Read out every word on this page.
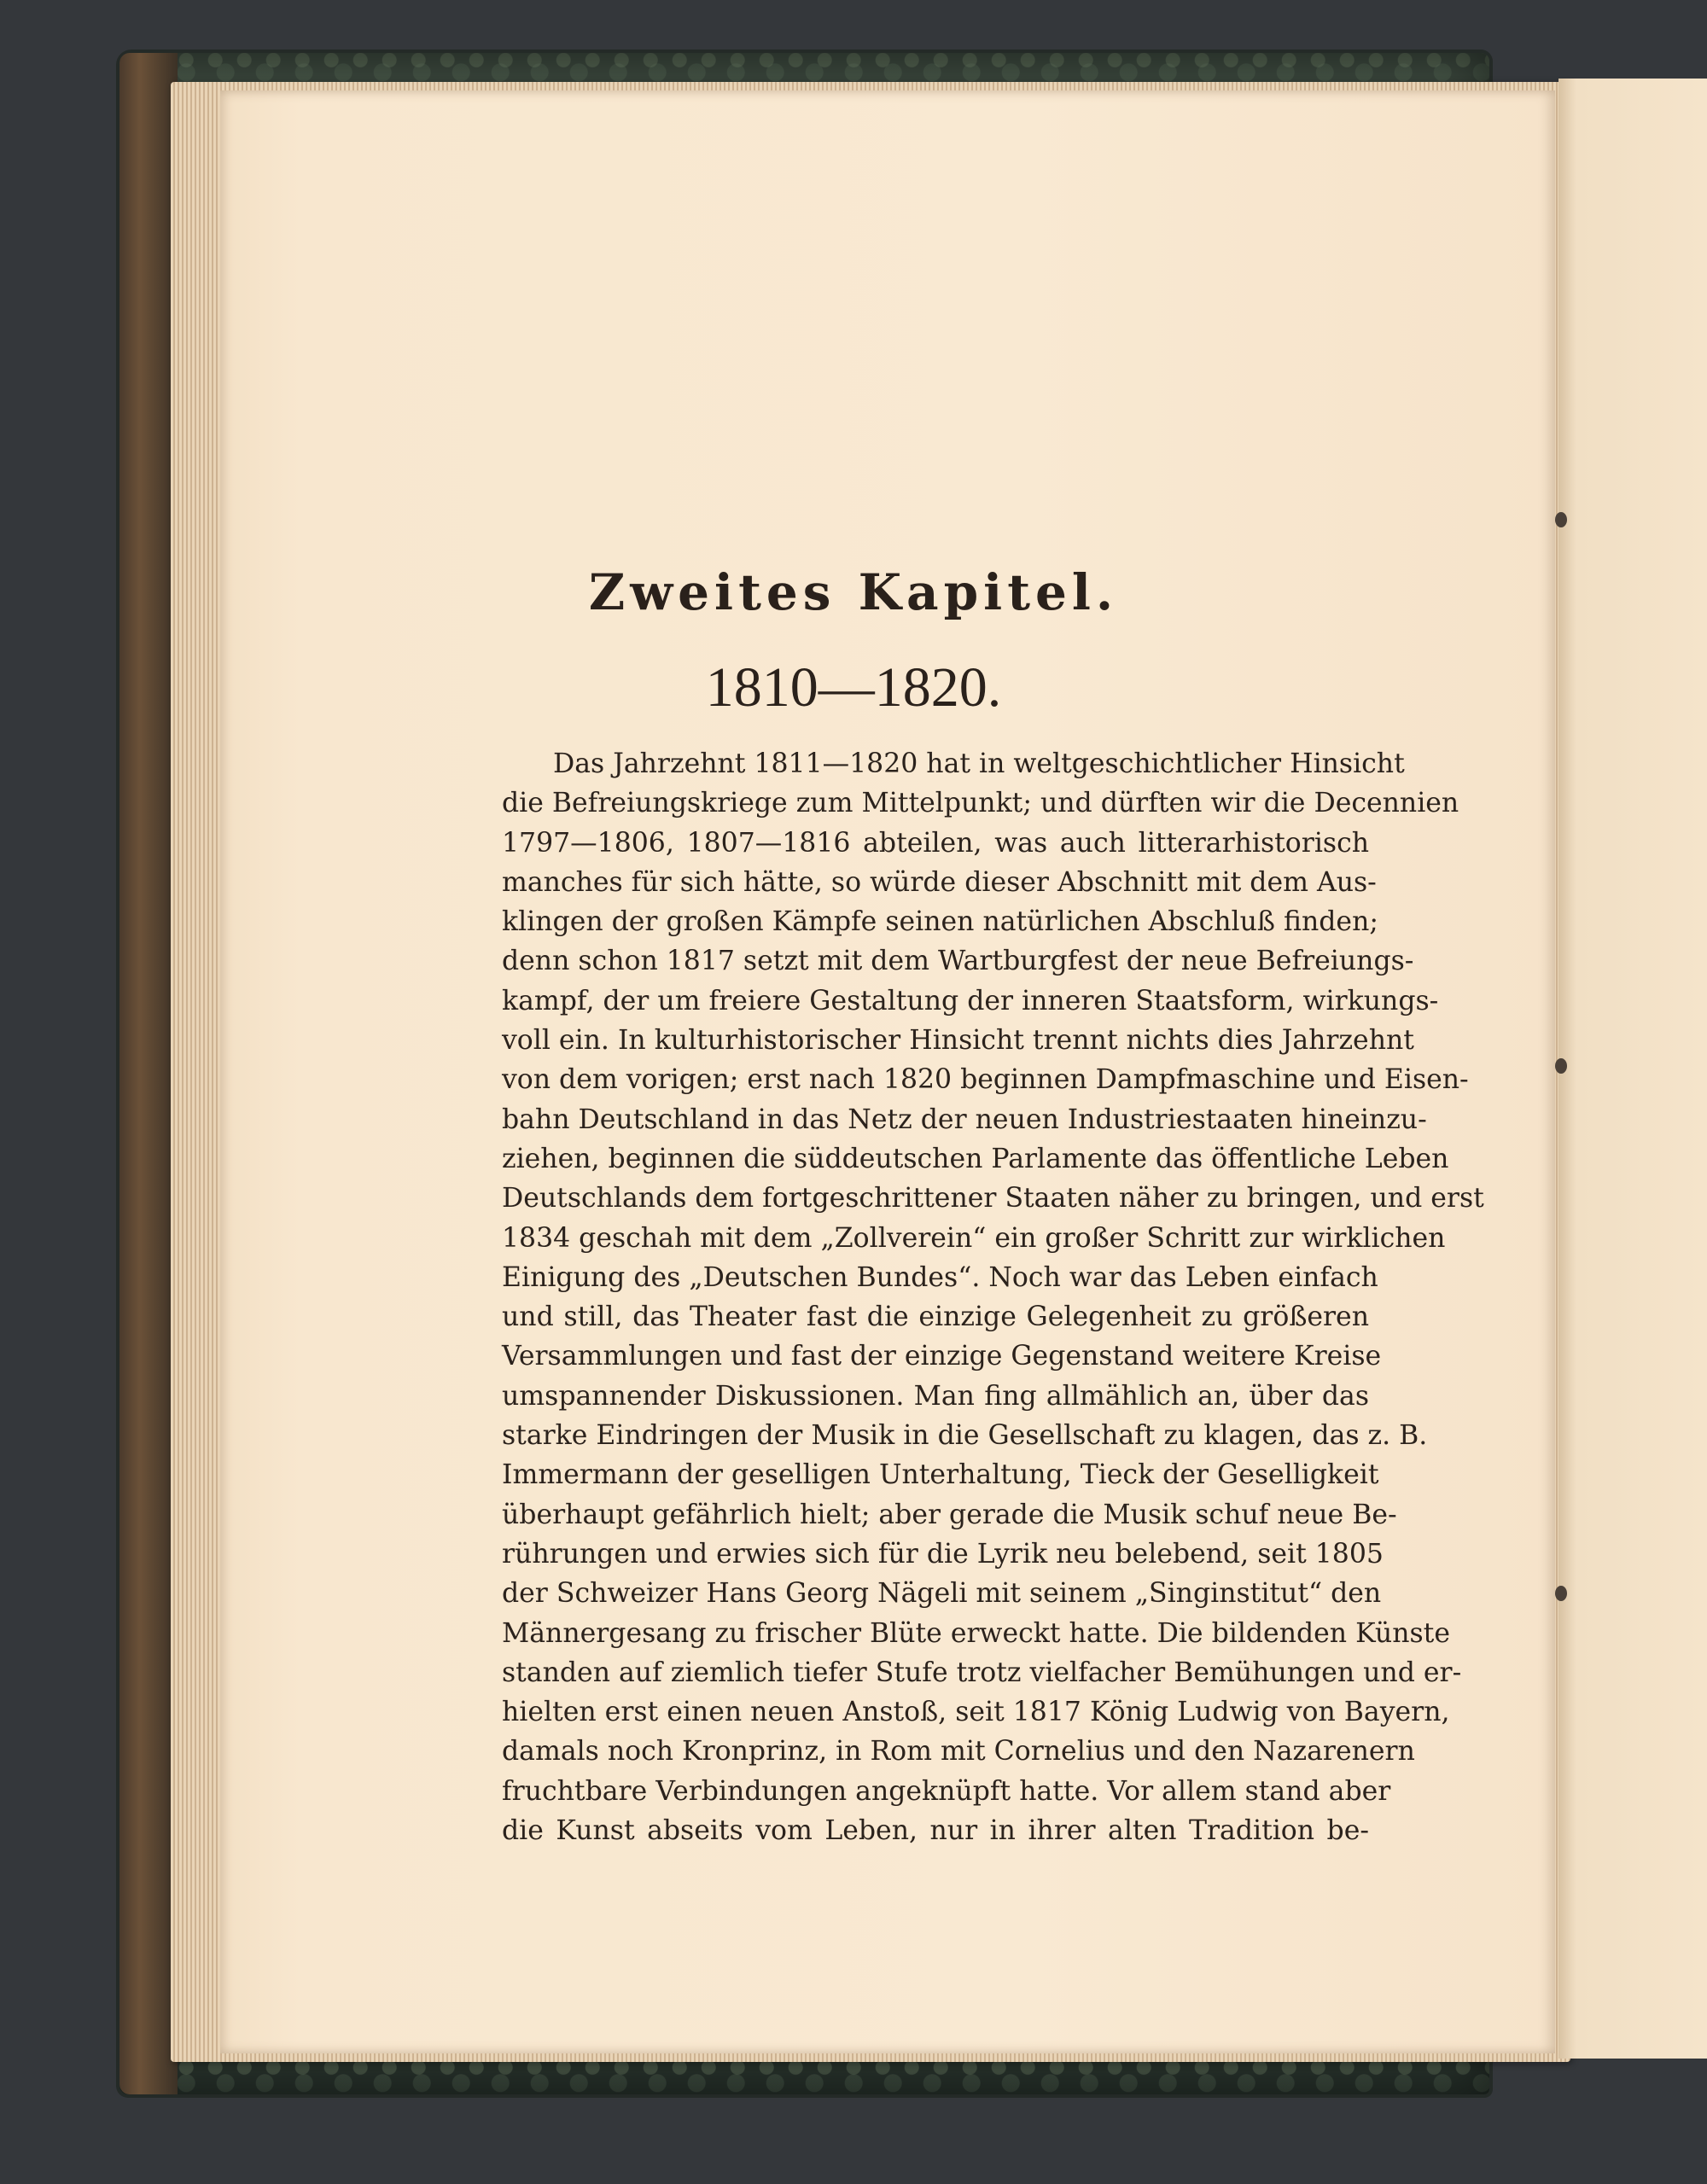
Zweites Kapitel.
1810—1820.
Das Jahrzehnt 1811—1820 hat in weltgeschichtlicher Hinsicht
die Befreiungskriege zum Mittelpunkt; und dürften wir die Decennien
1797—1806, 1807—1816 abteilen, was auch litterarhistorisch
manches für sich hätte, so würde dieser Abschnitt mit dem Aus-
klingen der großen Kämpfe seinen natürlichen Abschluß finden;
denn schon 1817 setzt mit dem Wartburgfest der neue Befreiungs-
kampf, der um freiere Gestaltung der inneren Staatsform, wirkungs-
voll ein. In kulturhistorischer Hinsicht trennt nichts dies Jahrzehnt
von dem vorigen; erst nach 1820 beginnen Dampfmaschine und Eisen-
bahn Deutschland in das Netz der neuen Industriestaaten hineinzu-
ziehen, beginnen die süddeutschen Parlamente das öffentliche Leben
Deutschlands dem fortgeschrittener Staaten näher zu bringen, und erst
1834 geschah mit dem „Zollverein“ ein großer Schritt zur wirklichen
Einigung des „Deutschen Bundes“. Noch war das Leben einfach
und still, das Theater fast die einzige Gelegenheit zu größeren
Versammlungen und fast der einzige Gegenstand weitere Kreise
umspannender Diskussionen. Man fing allmählich an, über das
starke Eindringen der Musik in die Gesellschaft zu klagen, das z. B.
Immermann der geselligen Unterhaltung, Tieck der Geselligkeit
überhaupt gefährlich hielt; aber gerade die Musik schuf neue Be-
rührungen und erwies sich für die Lyrik neu belebend, seit 1805
der Schweizer Hans Georg Nägeli mit seinem „Singinstitut“ den
Männergesang zu frischer Blüte erweckt hatte. Die bildenden Künste
standen auf ziemlich tiefer Stufe trotz vielfacher Bemühungen und er-
hielten erst einen neuen Anstoß, seit 1817 König Ludwig von Bayern,
damals noch Kronprinz, in Rom mit Cornelius und den Nazarenern
fruchtbare Verbindungen angeknüpft hatte. Vor allem stand aber
die Kunst abseits vom Leben, nur in ihrer alten Tradition be-
